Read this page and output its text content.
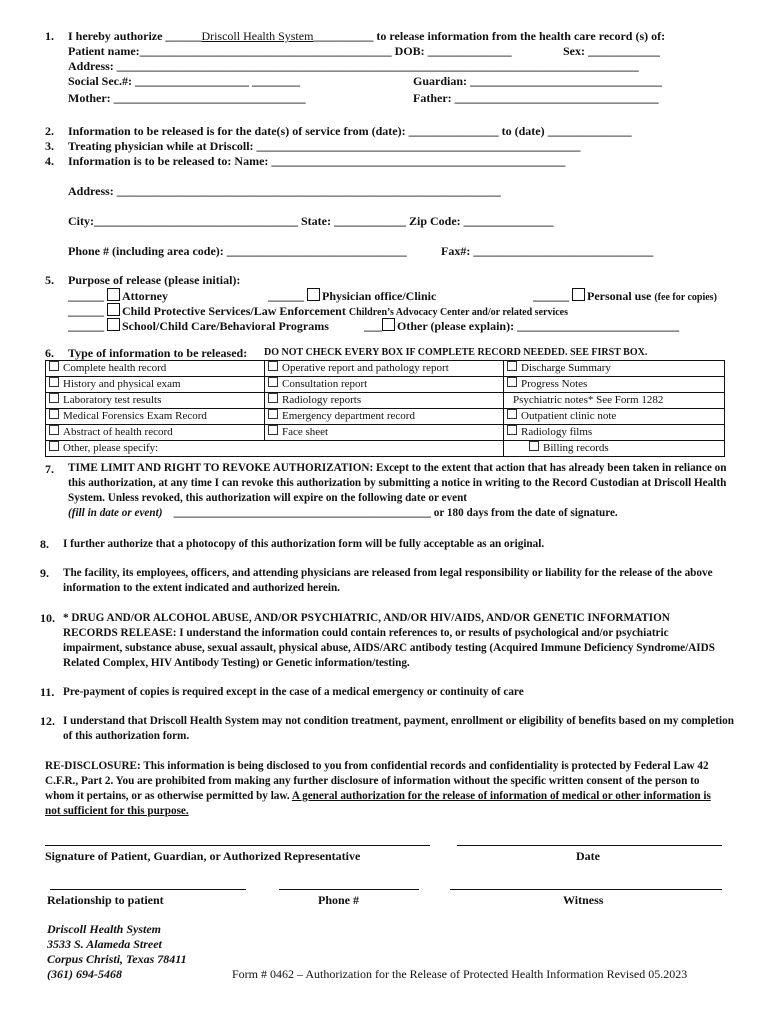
1. I hereby authorize ______Driscoll Health System__________ to release information from the health care record (s) of:
Patient name:__________________________________________ DOB: ______________	Sex: ____________
Address: _______________________________________________________________________________________
Social Sec.#: ___________________ ________	Guardian: ________________________________
Mother: ________________________________	Father: __________________________________
2. Information to be released is for the date(s) of service from (date): _______________ to (date) ______________
3. Treating physician while at Driscoll: ______________________________________________________
4. Information is to be released to: Name: _________________________________________________
Address: ________________________________________________________________
City:__________________________________ State: ____________ Zip Code: _______________
Phone # (including area code): ______________________________	Fax#: ______________________________
5. Purpose of release (please initial):
______ Attorney	______ Physician office/Clinic	______ Personal use (fee for copies)
______ Child Protective Services/Law Enforcement Children’s Advocacy Center and/or related services
______ School/Child Care/Behavioral Programs	___ Other (please explain): ___________________________
6. Type of information to be released: DO NOT CHECK EVERY BOX IF COMPLETE RECORD NEEDED. SEE FIRST BOX.
Complete health record	Operative report and pathology report	Discharge Summary
History and physical exam	Consultation report	Progress Notes
Laboratory test results	Radiology reports	Psychiatric notes* See Form 1282
Medical Forensics Exam Record	Emergency department record	Outpatient clinic note
Abstract of health record	Face sheet	Radiology films
Other, please specify:		Billing records
7. TIME LIMIT AND RIGHT TO REVOKE AUTHORIZATION: Except to the extent that action that has already been taken in reliance on this authorization, at any time I can revoke this authorization by submitting a notice in writing to the Record Custodian at Driscoll Health System. Unless revoked, this authorization will expire on the following date or event
(fill in date or event) ______________________________________________ or 180 days from the date of signature.
8. I further authorize that a photocopy of this authorization form will be fully acceptable as an original.
9. The facility, its employees, officers, and attending physicians are released from legal responsibility or liability for the release of the above information to the extent indicated and authorized herein.
10. * DRUG AND/OR ALCOHOL ABUSE, AND/OR PSYCHIATRIC, AND/OR HIV/AIDS, AND/OR GENETIC INFORMATION RECORDS RELEASE: I understand the information could contain references to, or results of psychological and/or psychiatric impairment, substance abuse, sexual assault, physical abuse, AIDS/ARC antibody testing (Acquired Immune Deficiency Syndrome/AIDS Related Complex, HIV Antibody Testing) or Genetic information/testing.
11. Pre-payment of copies is required except in the case of a medical emergency or continuity of care
12. I understand that Driscoll Health System may not condition treatment, payment, enrollment or eligibility of benefits based on my completion of this authorization form.
RE-DISCLOSURE: This information is being disclosed to you from confidential records and confidentiality is protected by Federal Law 42 C.F.R., Part 2. You are prohibited from making any further disclosure of information without the specific written consent of the person to whom it pertains, or as otherwise permitted by law. A general authorization for the release of information of medical or other information is not sufficient for this purpose.
Signature of Patient, Guardian, or Authorized Representative	Date
Relationship to patient	Phone #	Witness
Driscoll Health System
3533 S. Alameda Street
Corpus Christi, Texas 78411
(361) 694-5468	Form # 0462 – Authorization for the Release of Protected Health Information Revised 05.2023
